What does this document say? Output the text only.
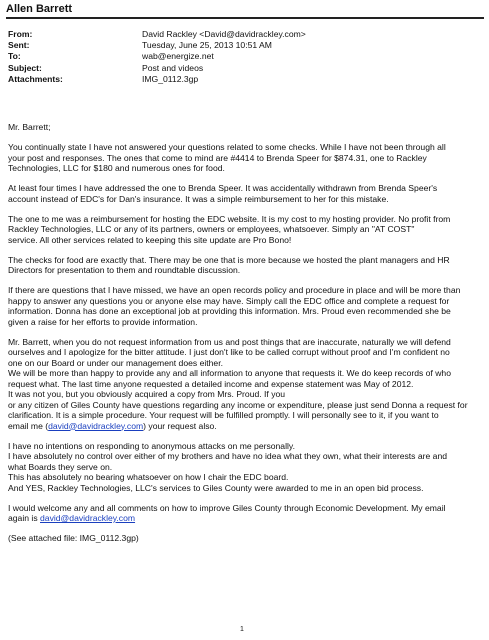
Allen Barrett
From:	David Rackley <David@davidrackley.com>
Sent:	Tuesday, June 25, 2013 10:51 AM
To:	wab@energize.net
Subject:	Post and videos
Attachments:	IMG_0112.3gp

Mr. Barrett;

You continually state I have not answered your questions related to some checks. While I have not been through all
your post and responses. The ones that come to mind are #4414 to Brenda Speer for $874.31, one to Rackley
Technologies, LLC for $180 and numerous ones for food.

At least four times I have addressed the one to Brenda Speer. It was accidentally withdrawn from Brenda Speer's
account instead of EDC's for Dan's insurance. It was a simple reimbursement to her for this mistake.

The one to me was a reimbursement for hosting the EDC website. It is my cost to my hosting provider. No profit from
Rackley Technologies, LLC or any of its partners, owners or employees, whatsoever. Simply an "AT COST"
service. All other services related to keeping this site update are Pro Bono!

The checks for food are exactly that. There may be one that is more because we hosted the plant managers and HR
Directors for presentation to them and roundtable discussion.

If there are questions that I have missed, we have an open records policy and procedure in place and will be more than
happy to answer any questions you or anyone else may have. Simply call the EDC office and complete a request for
information. Donna has done an exceptional job at providing this information. Mrs. Proud even recommended she be
given a raise for her efforts to provide information.

Mr. Barrett, when you do not request information from us and post things that are inaccurate, naturally we will defend
ourselves and I apologize for the bitter attitude. I just don't like to be called corrupt without proof and I'm confident no
one on our Board or under our management does either.
We will be more than happy to provide any and all information to anyone that requests it. We do keep records of who
request what. The last time anyone requested a detailed income and expense statement was May of 2012.
It was not you, but you obviously acquired a copy from Mrs. Proud. If you
or any citizen of Giles County have questions regarding any income or expenditure, please just send Donna a request for
clarification. It is a simple procedure. Your request will be fulfilled promptly. I will personally see to it, if you want to
email me (david@davidrackley.com) your request also.

I have no intentions on responding to anonymous attacks on me personally.
I have absolutely no control over either of my brothers and have no idea what they own, what their interests are and
what Boards they serve on.
This has absolutely no bearing whatsoever on how I chair the EDC board.
And YES, Rackley Technologies, LLC's services to Giles County were awarded to me in an open bid process.

I would welcome any and all comments on how to improve Giles County through Economic Development. My email
again is david@davidrackley.com

(See attached file: IMG_0112.3gp)

1
